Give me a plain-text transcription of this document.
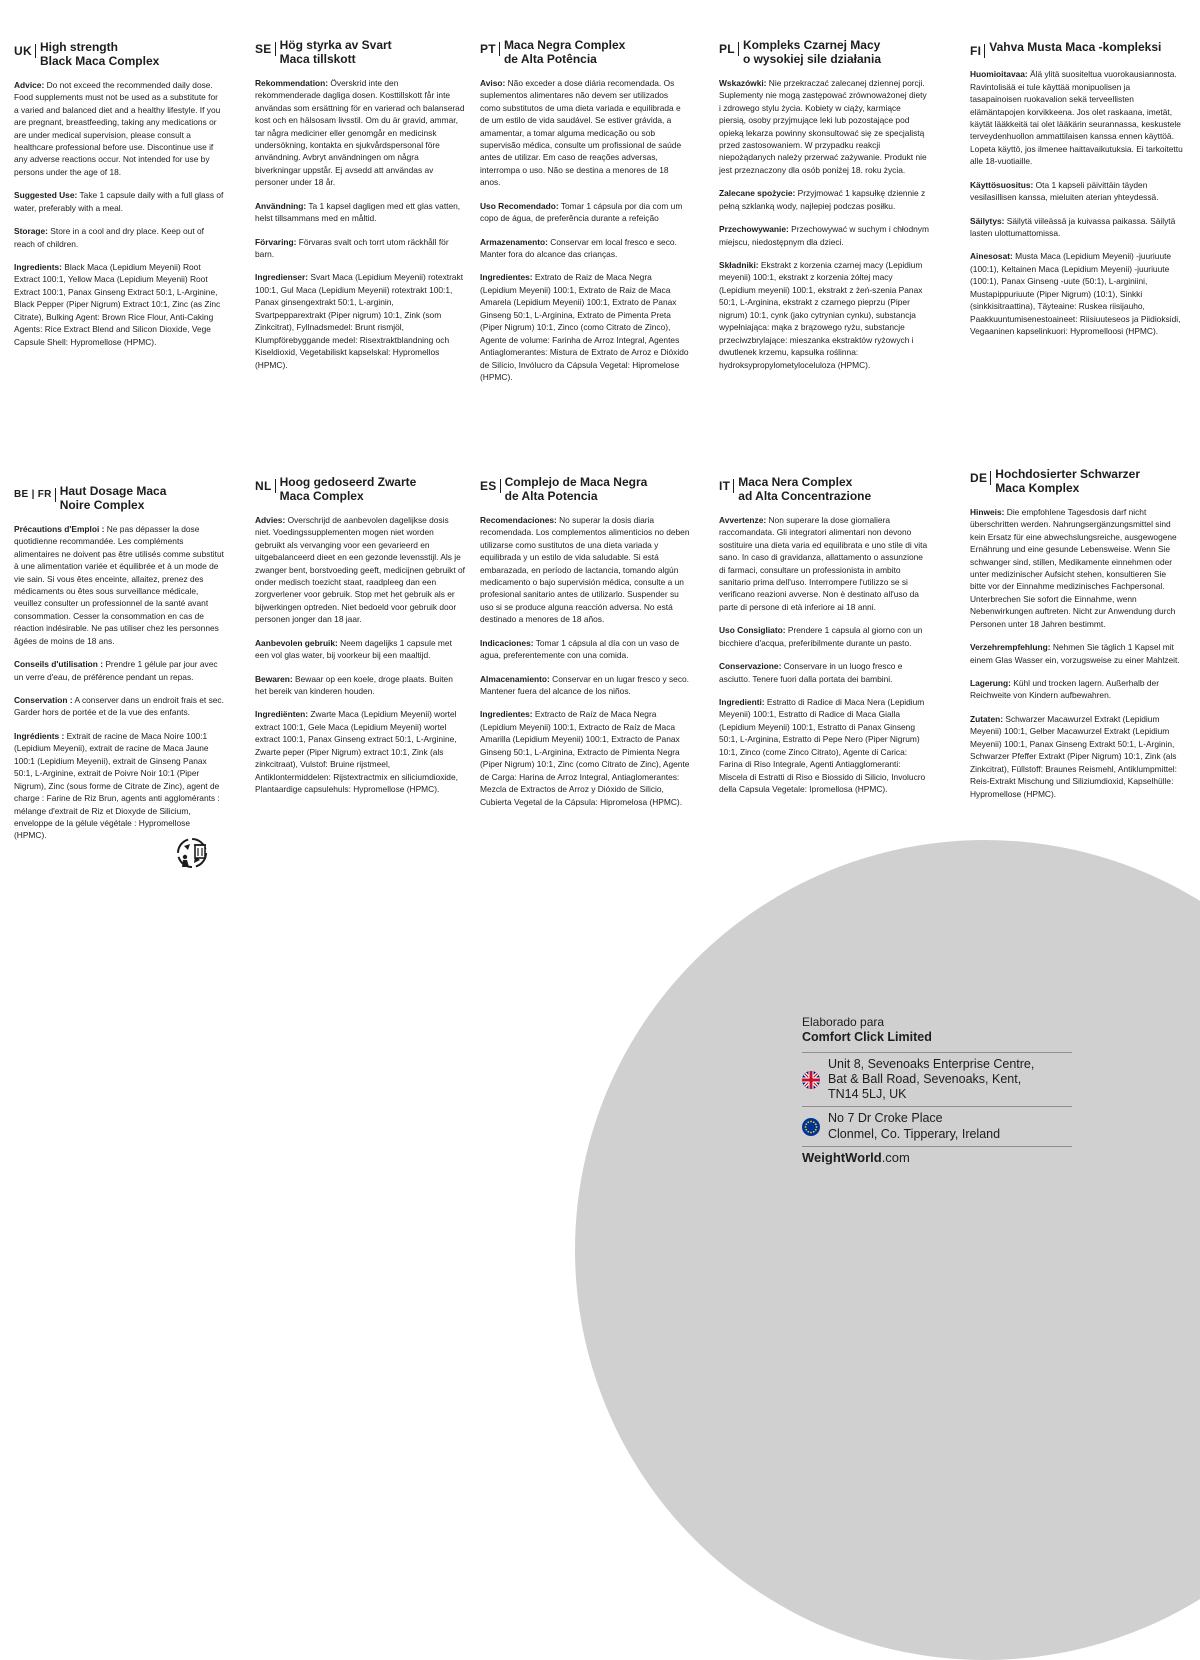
UK High strength
Black Maca Complex

Advice: Do not exceed the recommended daily dose. Food supplements must not be used as a substitute for a varied and balanced diet and a healthy lifestyle. If you are pregnant, breastfeeding, taking any medications or are under medical supervision, please consult a healthcare professional before use. Discontinue use if any adverse reactions occur. Not intended for use by persons under the age of 18.

Suggested Use: Take 1 capsule daily with a full glass of water, preferably with a meal.

Storage: Store in a cool and dry place. Keep out of reach of children.

Ingredients: Black Maca (Lepidium Meyenii) Root Extract 100:1, Yellow Maca (Lepidium Meyenii) Root Extract 100:1, Panax Ginseng Extract 50:1, L-Arginine, Black Pepper (Piper Nigrum) Extract 10:1, Zinc (as Zinc Citrate), Bulking Agent: Brown Rice Flour, Anti-Caking Agents: Rice Extract Blend and Silicon Dioxide, Vege Capsule Shell: Hypromellose (HPMC).

SE Hög styrka av Svart
Maca tillskott

Rekommendation: Överskrid inte den rekommenderade dagliga dosen. Kosttillskott får inte användas som ersättning för en varierad och balanserad kost och en hälsosam livsstil. Om du är gravid, ammar, tar några mediciner eller genomgår en medicinsk undersökning, kontakta en sjukvårdspersonal före användning. Avbryt användningen om några biverkningar uppstår. Ej avsedd att användas av personer under 18 år.

Användning: Ta 1 kapsel dagligen med ett glas vatten, helst tillsammans med en måltid.

Förvaring: Förvaras svalt och torrt utom räckhåll för barn.

Ingredienser: Svart Maca (Lepidium Meyenii) rotextrakt 100:1, Gul Maca (Lepidium Meyenii) rotextrakt 100:1, Panax ginsengextrakt 50:1, L-arginin, Svartpepparextrakt (Piper nigrum) 10:1, Zink (som Zinkcitrat), Fyllnadsmedel: Brunt rismjöl, Klumpförebyggande medel: Risextraktblandning och Kiseldioxid, Vegetabiliskt kapselskal: Hypromellos (HPMC).

PT Maca Negra Complex
de Alta Potência

Aviso: Não exceder a dose diária recomendada. Os suplementos alimentares não devem ser utilizados como substitutos de uma dieta variada e equilibrada e de um estilo de vida saudável. Se estiver grávida, a amamentar, a tomar alguma medicação ou sob supervisão médica, consulte um profissional de saúde antes de utilizar. Em caso de reações adversas, interrompa o uso. Não se destina a menores de 18 anos.

Uso Recomendado: Tomar 1 cápsula por dia com um copo de água, de preferência durante a refeição

Armazenamento: Conservar em local fresco e seco. Manter fora do alcance das crianças.

Ingredientes: Extrato de Raiz de Maca Negra (Lepidium Meyenii) 100:1, Extrato de Raiz de Maca Amarela (Lepidium Meyenii) 100:1, Extrato de Panax Ginseng 50:1, L-Arginina, Extrato de Pimenta Preta (Piper Nigrum) 10:1, Zinco (como Citrato de Zinco), Agente de volume: Farinha de Arroz Integral, Agentes Antiaglomerantes: Mistura de Extrato de Arroz e Dióxido de Silício, Invólucro da Cápsula Vegetal: Hipromelose (HPMC).

PL Kompleks Czarnej Macy
o wysokiej sile działania

Wskazówki: Nie przekraczać zalecanej dziennej porcji. Suplementy nie mogą zastępować zrównoważonej diety i zdrowego stylu życia. Kobiety w ciąży, karmiące piersią, osoby przyjmujące leki lub pozostające pod opieką lekarza powinny skonsultować się ze specjalistą przed zastosowaniem. W przypadku reakcji niepożądanych należy przerwać zażywanie. Produkt nie jest przeznaczony dla osób poniżej 18. roku życia.

Zalecane spożycie: Przyjmować 1 kapsułkę dziennie z pełną szklanką wody, najlepiej podczas posiłku.

Przechowywanie: Przechowywać w suchym i chłodnym miejscu, niedostępnym dla dzieci.

Składniki: Ekstrakt z korzenia czarnej macy (Lepidium meyenii) 100:1, ekstrakt z korzenia żółtej macy (Lepidium meyenii) 100:1, ekstrakt z żeń-szenia Panax 50:1, L-Arginina, ekstrakt z czarnego pieprzu (Piper nigrum) 10:1, cynk (jako cytrynian cynku), substancja wypełniająca: mąka z brązowego ryżu, substancje przeciwzbrylające: mieszanka ekstraktów ryżowych i dwutlenek krzemu, kapsułka roślinna: hydroksypropylometyloceluloza (HPMC).

FI Vahva Musta Maca -kompleksi

Huomioitavaa: Älä ylitä suositeltua vuorokausiannosta. Ravintolisää ei tule käyttää monipuolisen ja tasapainoisen ruokavalion sekä terveellisten elämäntapojen korvikkeena. Jos olet raskaana, imetät, käytät lääkkeitä tai olet lääkärin seurannassa, keskustele terveydenhuollon ammattilaisen kanssa ennen käyttöä. Lopeta käyttö, jos ilmenee haittavaikutuksia. Ei tarkoitettu alle 18-vuotiaille.

Käyttösuositus: Ota 1 kapseli päivittäin täyden vesilasillisen kanssa, mieluiten aterian yhteydessä.

Säilytys: Säilytä viileässä ja kuivassa paikassa. Säilytä lasten ulottumattomissa.

Ainesosat: Musta Maca (Lepidium Meyenii) -juuriuute (100:1), Keltainen Maca (Lepidium Meyenii) -juuriuute (100:1), Panax Ginseng -uute (50:1), L-arginiini, Mustapippuriuute (Piper Nigrum) (10:1), Sinkki (sinkkisitraattina), Täyteaine: Ruskea riisijauho, Paakkuuntumisenestoaineet: Riisiuuteseos ja Piidioksidi, Vegaaninen kapselinkuori: Hypromelloosi (HPMC).

BE | FR Haut Dosage Maca
Noire Complex

Précautions d'Emploi : Ne pas dépasser la dose quotidienne recommandée. Les compléments alimentaires ne doivent pas être utilisés comme substitut à une alimentation variée et équilibrée et à un mode de vie sain. Si vous êtes enceinte, allaitez, prenez des médicaments ou êtes sous surveillance médicale, veuillez consulter un professionnel de la santé avant consommation. Cesser la consommation en cas de réaction indésirable. Ne pas utiliser chez les personnes âgées de moins de 18 ans.

Conseils d'utilisation : Prendre 1 gélule par jour avec un verre d'eau, de préférence pendant un repas.

Conservation : A conserver dans un endroit frais et sec. Garder hors de portée et de la vue des enfants.

Ingrédients : Extrait de racine de Maca Noire 100:1 (Lepidium Meyenii), extrait de racine de Maca Jaune 100:1 (Lepidium Meyenii), extrait de Ginseng Panax 50:1, L-Arginine, extrait de Poivre Noir 10:1 (Piper Nigrum), Zinc (sous forme de Citrate de Zinc), agent de charge : Farine de Riz Brun, agents anti agglomérants : mélange d'extrait de Riz et Dioxyde de Silicium, enveloppe de la gélule végétale : Hypromellose (HPMC).

NL Hoog gedoseerd Zwarte
Maca Complex

Advies: Overschrijd de aanbevolen dagelijkse dosis niet. Voedingssupplementen mogen niet worden gebruikt als vervanging voor een gevarieerd en uitgebalanceerd dieet en een gezonde levensstijl. Als je zwanger bent, borstvoeding geeft, medicijnen gebruikt of onder medisch toezicht staat, raadpleeg dan een zorgverlener voor gebruik. Stop met het gebruik als er bijwerkingen optreden. Niet bedoeld voor gebruik door personen jonger dan 18 jaar.

Aanbevolen gebruik: Neem dagelijks 1 capsule met een vol glas water, bij voorkeur bij een maaltijd.

Bewaren: Bewaar op een koele, droge plaats. Buiten het bereik van kinderen houden.

Ingrediënten: Zwarte Maca (Lepidium Meyenii) wortel extract 100:1, Gele Maca (Lepidium Meyenii) wortel extract 100:1, Panax Ginseng extract 50:1, L-Arginine, Zwarte peper (Piper Nigrum) extract 10:1, Zink (als zinkcitraat), Vulstof: Bruine rijstmeel, Antiklontermiddelen: Rijstextractmix en siliciumdioxide, Plantaardige capsulehuls: Hypromellose (HPMC).

ES Complejo de Maca Negra
de Alta Potencia

Recomendaciones: No superar la dosis diaria recomendada. Los complementos alimenticios no deben utilizarse como sustitutos de una dieta variada y equilibrada y un estilo de vida saludable. Si está embarazada, en período de lactancia, tomando algún medicamento o bajo supervisión médica, consulte a un profesional sanitario antes de utilizarlo. Suspender su uso si se produce alguna reacción adversa. No está destinado a menores de 18 años.

Indicaciones: Tomar 1 cápsula al día con un vaso de agua, preferentemente con una comida.

Almacenamiento: Conservar en un lugar fresco y seco. Mantener fuera del alcance de los niños.

Ingredientes: Extracto de Raíz de Maca Negra (Lepidium Meyenii) 100:1, Extracto de Raíz de Maca Amarilla (Lepidium Meyenii) 100:1, Extracto de Panax Ginseng 50:1, L-Arginina, Extracto de Pimienta Negra (Piper Nigrum) 10:1, Zinc (como Citrato de Zinc), Agente de Carga: Harina de Arroz Integral, Antiaglomerantes: Mezcla de Extractos de Arroz y Dióxido de Silicio, Cubierta Vegetal de la Cápsula: Hipromelosa (HPMC).

IT Maca Nera Complex
ad Alta Concentrazione

Avvertenze: Non superare la dose giornaliera raccomandata. Gli integratori alimentari non devono sostituire una dieta varia ed equilibrata e uno stile di vita sano. In caso di gravidanza, allattamento o assunzione di farmaci, consultare un professionista in ambito sanitario prima dell'uso. Interrompere l'utilizzo se si verificano reazioni avverse. Non è destinato all'uso da parte di persone di età inferiore ai 18 anni.

Uso Consigliato: Prendere 1 capsula al giorno con un bicchiere d'acqua, preferibilmente durante un pasto.

Conservazione: Conservare in un luogo fresco e asciutto. Tenere fuori dalla portata dei bambini.

Ingredienti: Estratto di Radice di Maca Nera (Lepidium Meyenii) 100:1, Estratto di Radice di Maca Gialla (Lepidium Meyenii) 100:1, Estratto di Panax Ginseng 50:1, L-Arginina, Estratto di Pepe Nero (Piper Nigrum) 10:1, Zinco (come Zinco Citrato), Agente di Carica: Farina di Riso Integrale, Agenti Antiagglomeranti: Miscela di Estratti di Riso e Biossido di Silicio, Involucro della Capsula Vegetale: Ipromellosa (HPMC).

DE Hochdosierter Schwarzer
Maca Komplex

Hinweis: Die empfohlene Tagesdosis darf nicht überschritten werden. Nahrungsergänzungsmittel sind kein Ersatz für eine abwechslungsreiche, ausgewogene Ernährung und eine gesunde Lebensweise. Wenn Sie schwanger sind, stillen, Medikamente einnehmen oder unter medizinischer Aufsicht stehen, konsultieren Sie bitte vor der Einnahme medizinisches Fachpersonal. Unterbrechen Sie sofort die Einnahme, wenn Nebenwirkungen auftreten. Nicht zur Anwendung durch Personen unter 18 Jahren bestimmt.

Verzehrempfehlung: Nehmen Sie täglich 1 Kapsel mit einem Glas Wasser ein, vorzugsweise zu einer Mahlzeit.

Lagerung: Kühl und trocken lagern. Außerhalb der Reichweite von Kindern aufbewahren.

Zutaten: Schwarzer Macawurzel Extrakt (Lepidium Meyenii) 100:1, Gelber Macawurzel Extrakt (Lepidium Meyenii) 100:1, Panax Ginseng Extrakt 50:1, L-Arginin, Schwarzer Pfeffer Extrakt (Piper Nigrum) 10:1, Zink (als Zinkcitrat), Füllstoff: Braunes Reismehl, Antiklumpmittel: Reis-Extrakt Mischung und Siliziumdioxid, Kapselhülle: Hypromellose (HPMC).

Elaborado para
Comfort Click Limited
Unit 8, Sevenoaks Enterprise Centre,
Bat & Ball Road, Sevenoaks, Kent,
TN14 5LJ, UK
No 7 Dr Croke Place
Clonmel, Co. Tipperary, Ireland
WeightWorld.com
